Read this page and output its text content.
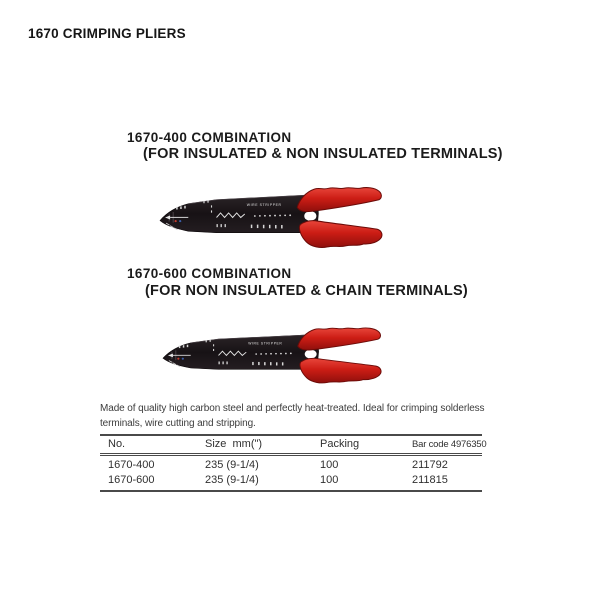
1670 CRIMPING PLIERS
1670-400 COMBINATION
(FOR INSULATED & NON INSULATED TERMINALS)
1670-600 COMBINATION
(FOR NON INSULATED & CHAIN TERMINALS)

Made of quality high carbon steel and perfectly heat-treated. Ideal for crimping solderless terminals, wire cutting and stripping.

No.	Size  mm(")	Packing	Bar code 4976350
1670-400	235 (9-1/4)	100	211792
1670-600	235 (9-1/4)	100	211815
